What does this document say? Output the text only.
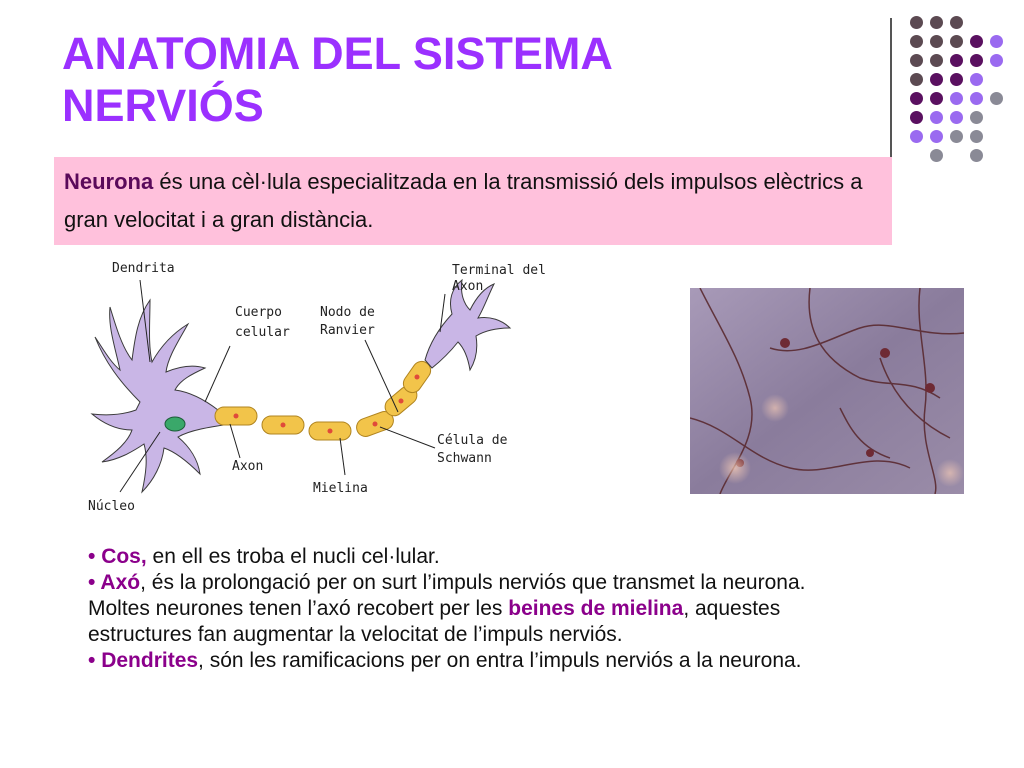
ANATOMIA DEL SISTEMA
NERVIÓS
Neurona és una cèl·lula especialitzada en la transmissió dels impulsos elèctrics a gran velocitat i a gran distància.
Dendrita
Cuerpo
celular
Nodo de
Ranvier
Terminal del
Axon
Axon
Célula de
Schwann
Mielina
Núcleo

• Cos, en ell es troba el nucli cel·lular.

• Axó, és la prolongació per on surt l’impuls nerviós que transmet la neurona.

Moltes neurones tenen l’axó recobert per les beines de mielina, aquestes

estructures fan augmentar la velocitat de l’impuls nerviós.

• Dendrites, són les ramificacions per on entra l’impuls nerviós a la neurona.
